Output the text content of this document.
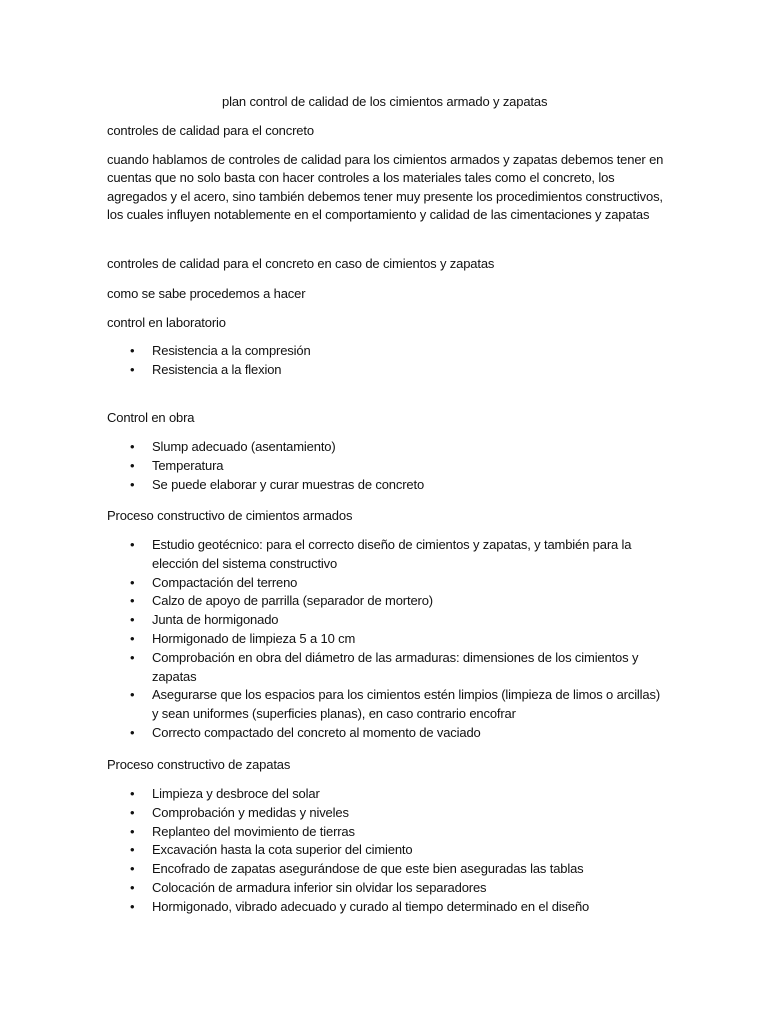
plan control de calidad de los cimientos armado y zapatas
controles de calidad para el concreto
cuando hablamos de controles de calidad para los cimientos armados y zapatas debemos tener en cuentas que no solo basta con hacer controles a los materiales tales como el concreto, los agregados y el acero, sino también debemos tener muy presente los procedimientos constructivos, los cuales influyen notablemente en el comportamiento y calidad de las cimentaciones y zapatas
controles de calidad para el concreto en caso de cimientos y zapatas
como se sabe procedemos a hacer
control en laboratorio
• Resistencia a la compresión
• Resistencia a la flexion
Control en obra
• Slump adecuado (asentamiento)
• Temperatura
• Se puede elaborar y curar muestras de concreto
Proceso constructivo de cimientos armados
• Estudio geotécnico: para el correcto diseño de cimientos y zapatas, y también para la elección del sistema constructivo
• Compactación del terreno
• Calzo de apoyo de parrilla (separador de mortero)
• Junta de hormigonado
• Hormigonado de limpieza 5 a 10 cm
• Comprobación en obra del diámetro de las armaduras: dimensiones de los cimientos y zapatas
• Asegurarse que los espacios para los cimientos estén limpios (limpieza de limos o arcillas) y sean uniformes (superficies planas), en caso contrario encofrar
• Correcto compactado del concreto al momento de vaciado
Proceso constructivo de zapatas
• Limpieza y desbroce del solar
• Comprobación y medidas y niveles
• Replanteo del movimiento de tierras
• Excavación hasta la cota superior del cimiento
• Encofrado de zapatas asegurándose de que este bien aseguradas las tablas
• Colocación de armadura inferior sin olvidar los separadores
• Hormigonado, vibrado adecuado y curado al tiempo determinado en el diseño
